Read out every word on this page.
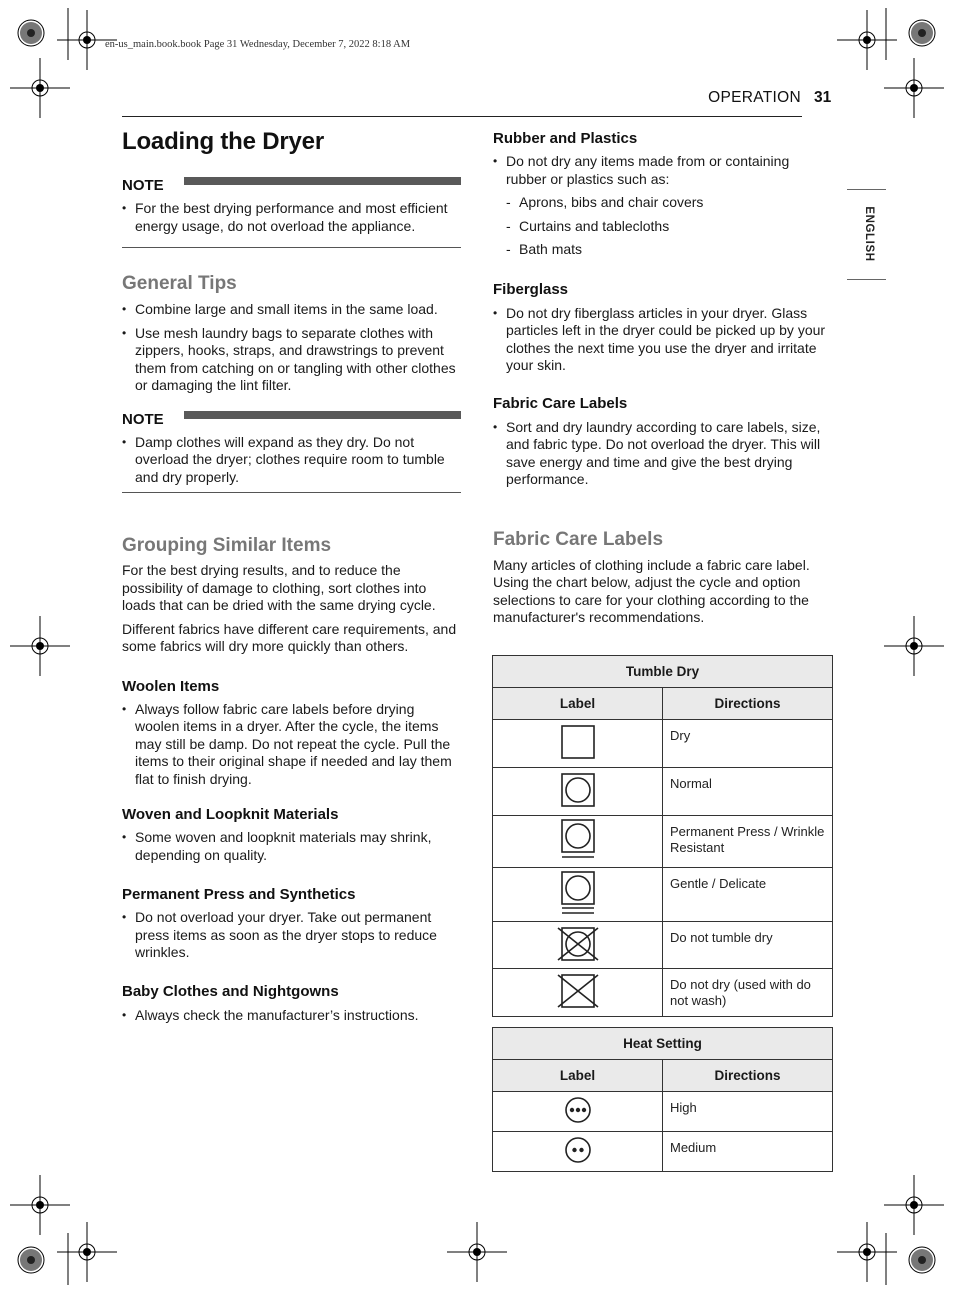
en-us_main.book.book Page 31 Wednesday, December 7, 2022 8:18 AM
OPERATION 31
ENGLISH
Loading the Dryer
NOTE
• For the best drying performance and most efficient energy usage, do not overload the appliance.
General Tips
• Combine large and small items in the same load.
• Use mesh laundry bags to separate clothes with zippers, hooks, straps, and drawstrings to prevent them from catching on or tangling with other clothes or damaging the lint filter.
NOTE
• Damp clothes will expand as they dry. Do not overload the dryer; clothes require room to tumble and dry properly.
Grouping Similar Items

For the best drying results, and to reduce the possibility of damage to clothing, sort clothes into loads that can be dried with the same drying cycle.

Different fabrics have different care requirements, and some fabrics will dry more quickly than others.

Woolen Items
• Always follow fabric care labels before drying woolen items in a dryer. After the cycle, the items may still be damp. Do not repeat the cycle. Pull the items to their original shape if needed and lay them flat to finish drying.
Woven and Loopknit Materials
• Some woven and loopknit materials may shrink, depending on quality.
Permanent Press and Synthetics
• Do not overload your dryer. Take out permanent press items as soon as the dryer stops to reduce wrinkles.
Baby Clothes and Nightgowns
• Always check the manufacturer’s instructions.
Rubber and Plastics
• Do not dry any items made from or containing rubber or plastics such as:
- Aprons, bibs and chair covers
- Curtains and tablecloths
- Bath mats
Fiberglass
• Do not dry fiberglass articles in your dryer. Glass particles left in the dryer could be picked up by your clothes the next time you use the dryer and irritate your skin.
Fabric Care Labels
• Sort and dry laundry according to care labels, size, and fabric type. Do not overload the dryer. This will save energy and time and give the best drying performance.
Fabric Care Labels

Many articles of clothing include a fabric care label. Using the chart below, adjust the cycle and option selections to care for your clothing according to the manufacturer's recommendations.

Tumble Dry	
Label	Directions
	Dry
	Normal
	Permanent Press / Wrinkle Resistant
	Gentle / Delicate
	Do not tumble dry
	Do not dry (used with do not wash)
Heat Setting	
Label	Directions
	High
	Medium
